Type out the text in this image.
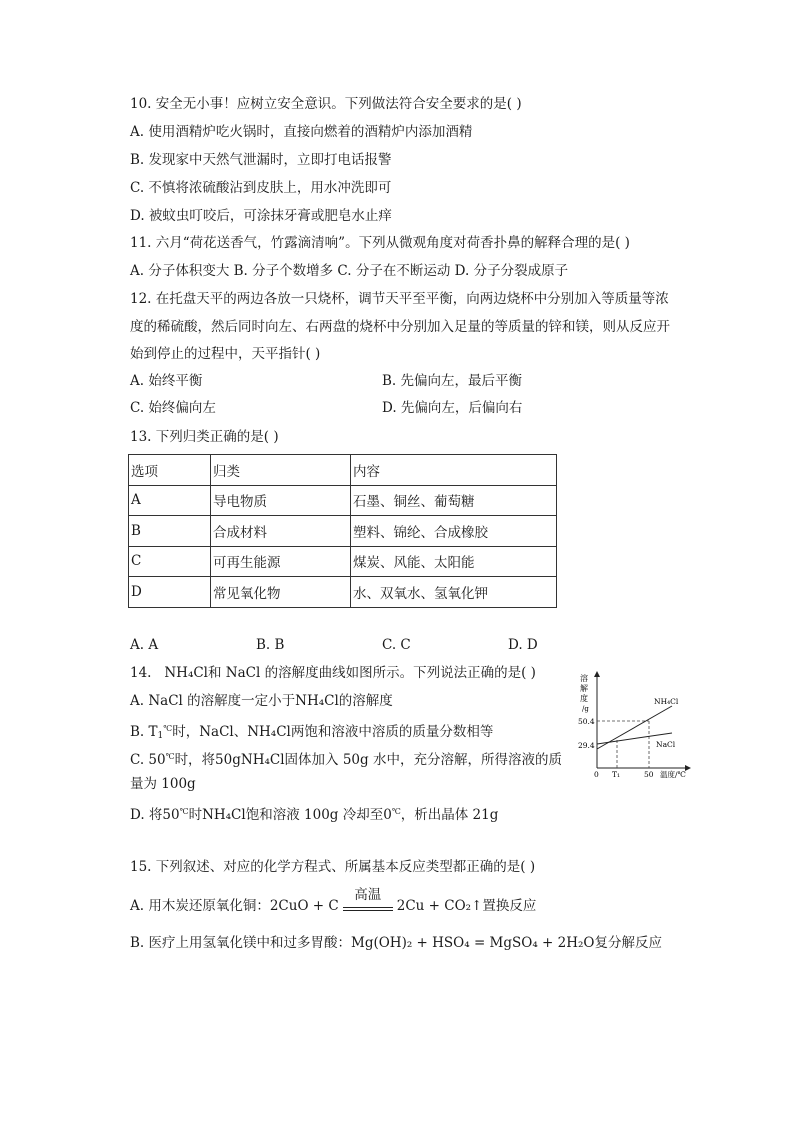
10. 安全无小事！应树立安全意识。下列做法符合安全要求的是( )
A. 使用酒精炉吃火锅时，直接向燃着的酒精炉内添加酒精
B. 发现家中天然气泄漏时，立即打电话报警
C. 不慎将浓硫酸沾到皮肤上，用水冲洗即可
D. 被蚊虫叮咬后，可涂抹牙膏或肥皂水止痒
11. 六月“荷花送香气，竹露滴清响”。下列从微观角度对荷香扑鼻的解释合理的是( )
A. 分子体积变大 B. 分子个数增多 C. 分子在不断运动 D. 分子分裂成原子
12. 在托盘天平的两边各放一只烧杯，调节天平至平衡，向两边烧杯中分别加入等质量等浓
度的稀硫酸，然后同时向左、右两盘的烧杯中分别加入足量的等质量的锌和镁，则从反应开
始到停止的过程中，天平指针( )
A. 始终平衡	B. 先偏向左，最后平衡
C. 始终偏向左	D. 先偏向左，后偏向右
13. 下列归类正确的是( )
选项	归类	内容
A	导电物质	石墨、铜丝、葡萄糖
B	合成材料	塑料、锦纶、合成橡胶
C	可再生能源	煤炭、风能、太阳能
D	常见氧化物	水、双氧水、氢氧化钾
A. A	B. B	C. C	D. D
14. NH₄Cl和 NaCl 的溶解度曲线如图所示。下列说法正确的是( )
A. NaCl 的溶解度一定小于NH₄Cl的溶解度
B. $T_1^℃$时，NaCl、NH₄Cl两饱和溶液中溶质的质量分数相等
C. 50℃时，将50gNH₄Cl固体加入 50g 水中，充分溶解，所得溶液的质
量为 100g
D. 将50℃时NH₄Cl饱和溶液 100g 冷却至0℃，析出晶体 21g
溶
解
度
/g
50.4
29.4
0 T₁	50 温度/℃
NH₄Cl
NaCl
15. 下列叙述、对应的化学方程式、所属基本反应类型都正确的是( )
A. 用木炭还原氧化铜：2CuO + C
高温
2Cu + CO₂↑置换反应
B. 医疗上用氢氧化镁中和过多胃酸：Mg(OH)₂ + HSO₄ = MgSO₄ + 2H₂O复分解反应
